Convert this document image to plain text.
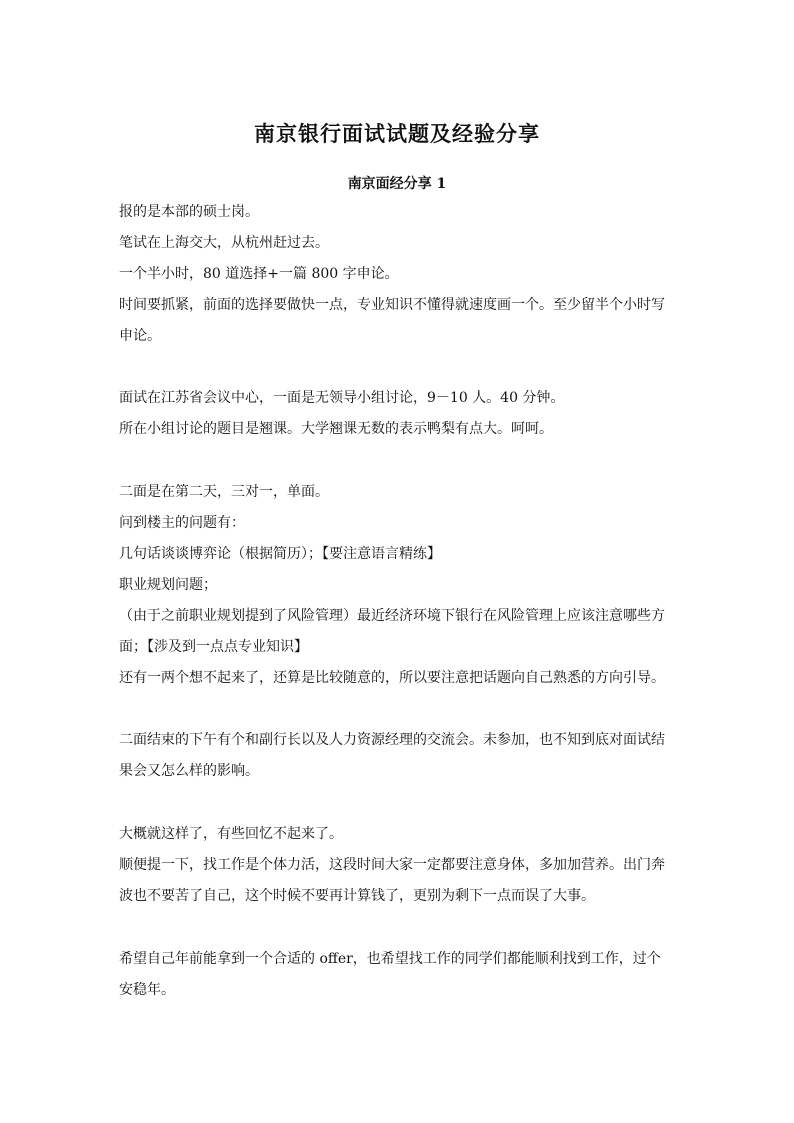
南京银行面试试题及经验分享
南京面经分享 1
报的是本部的硕士岗。
笔试在上海交大，从杭州赶过去。
一个半小时，80 道选择+一篇 800 字申论。
时间要抓紧，前面的选择要做快一点，专业知识不懂得就速度画一个。至少留半个小时写
申论。
面试在江苏省会议中心，一面是无领导小组讨论，9－10 人。40 分钟。
所在小组讨论的题目是翘课。大学翘课无数的表示鸭梨有点大。呵呵。
二面是在第二天，三对一，单面。
问到楼主的问题有：
几句话谈谈博弈论（根据简历）；【要注意语言精练】
职业规划问题；
（由于之前职业规划提到了风险管理）最近经济环境下银行在风险管理上应该注意哪些方
面；【涉及到一点点专业知识】
还有一两个想不起来了，还算是比较随意的，所以要注意把话题向自己熟悉的方向引导。
二面结束的下午有个和副行长以及人力资源经理的交流会。未参加，也不知到底对面试结
果会又怎么样的影响。
大概就这样了，有些回忆不起来了。
顺便提一下，找工作是个体力活，这段时间大家一定都要注意身体，多加加营养。出门奔
波也不要苦了自己，这个时候不要再计算钱了，更别为剩下一点而误了大事。
希望自己年前能拿到一个合适的 offer，也希望找工作的同学们都能顺利找到工作，过个
安稳年。
